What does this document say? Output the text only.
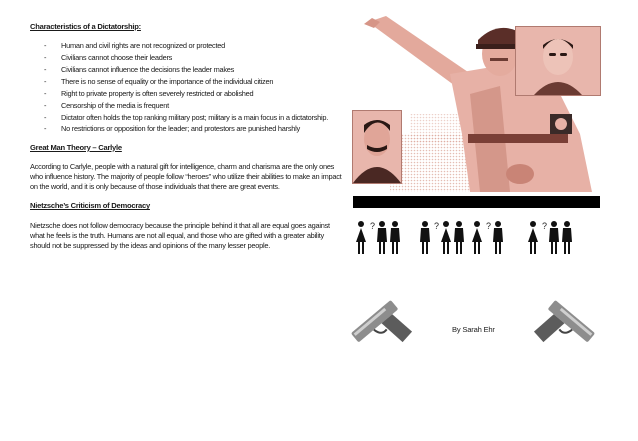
Characteristics of a Dictatorship:

- Human and civil rights are not recognized or protected
- Civilians cannot choose their leaders
- Civilians cannot influence the decisions the leader makes
- There is no sense of equality or the importance of the individual citizen
- Right to private property is often severely restricted or abolished
- Censorship of the media is frequent
- Dictator often holds the top ranking military post; military is a main focus in a dictatorship.
- No restrictions or opposition for the leader; and protestors are punished harshly

Great Man Theory – Carlyle

According to Carlyle, people with a natural gift for intelligence, charm and charisma are the only ones who influence history. The majority of people follow “heroes” who utilize their abilities to make an impact on the world, and it is only because of those individuals that there are great events.

Nietzsche’s Criticism of Democracy

Nietzsche does not follow democracy because the principle behind it that all are equal goes against what he feels is the truth. Humans are not all equal, and those who are gifted with a greater ability should not be suppressed by the ideas and opinions of the many lesser people.

?	?	?	?
By Sarah Ehr
